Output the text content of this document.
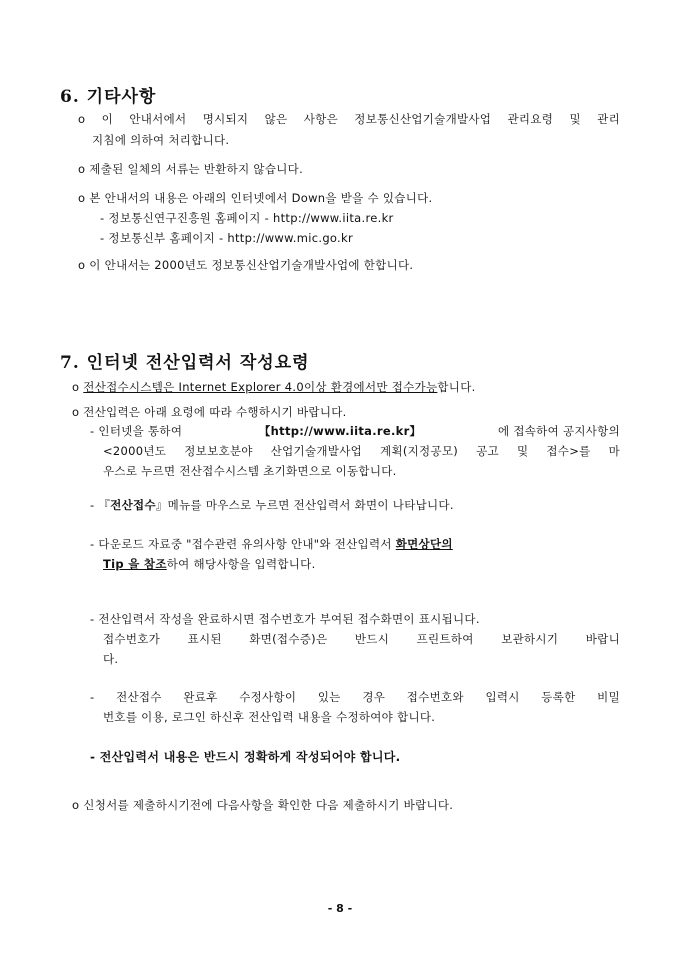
6. 기타사항

o 이 안내서에서 명시되지 않은 사항은 정보통신산업기술개발사업 관리요령 및 관리

지침에 의하여 처리합니다.

o 제출된 일체의 서류는 반환하지 않습니다.

o 본 안내서의 내용은 아래의 인터넷에서 Down을 받을 수 있습니다.

- 정보통신연구진흥원 홈페이지 - http://www.iita.re.kr

- 정보통신부 홈페이지 - http://www.mic.go.kr

o 이 안내서는 2000년도 정보통신산업기술개발사업에 한합니다.

7. 인터넷 전산입력서 작성요령

o 전산접수시스템은 Internet Explorer 4.0이상 환경에서만 접수가능합니다.

o 전산입력은 아래 요령에 따라 수행하시기 바랍니다.

- 인터넷을 통하여	【http://www.iita.re.kr】	에 접속하여 공지사항의

<2000년도 정보보호분야 산업기술개발사업 계획(지정공모) 공고 및 접수>를 마

우스로 누르면 전산접수시스템 초기화면으로 이동합니다.

- 『전산접수』메뉴를 마우스로 누르면 전산입력서 화면이 나타납니다.

- 다운로드 자료중 "접수관련 유의사항 안내"와 전산입력서 화면상단의

Tip 을 참조하여 해당사항을 입력합니다.

- 전산입력서 작성을 완료하시면 접수번호가 부여된 접수화면이 표시됩니다.

접수번호가 표시된 화면(접수증)은 반드시 프린트하여 보관하시기 바랍니

다.

- 전산접수 완료후 수정사항이 있는 경우 접수번호와 입력시 등록한 비밀

번호를 이용, 로그인 하신후 전산입력 내용을 수정하여야 합니다.

- 전산입력서 내용은 반드시 정확하게 작성되어야 합니다.

o 신청서를 제출하시기전에 다음사항을 확인한 다음 제출하시기 바랍니다.

- 8 -
